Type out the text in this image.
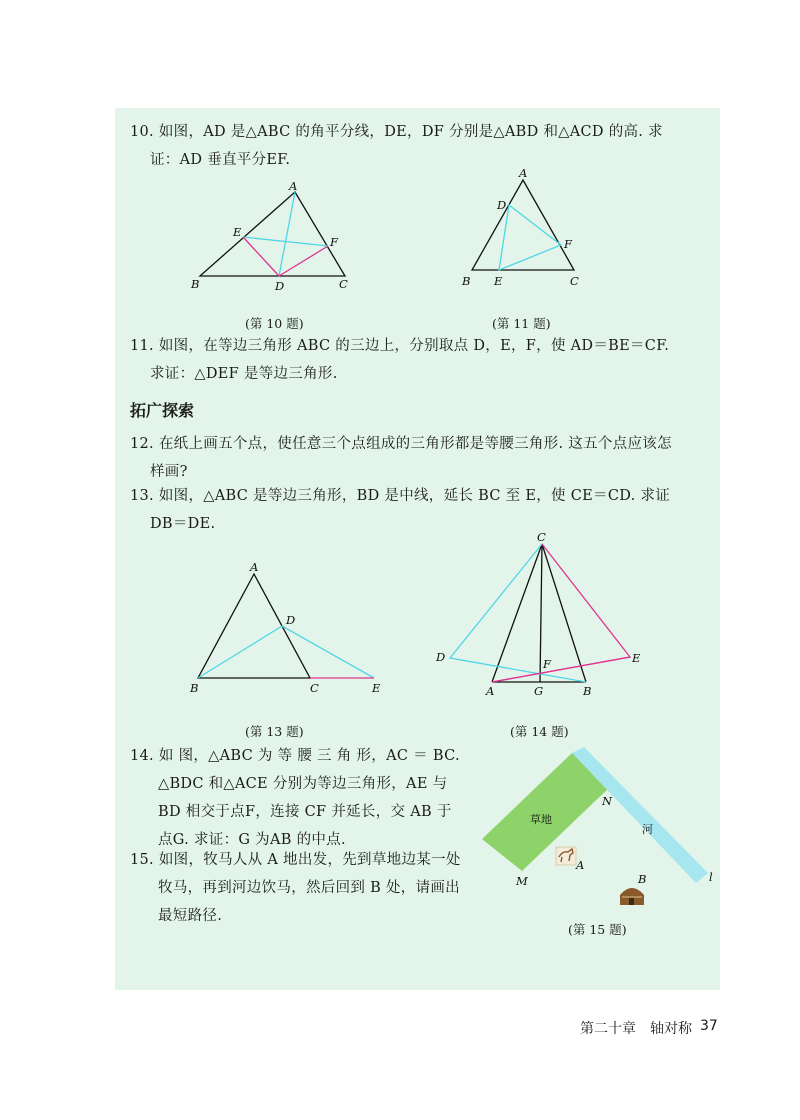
10. 如图，AD 是△ABC 的角平分线，DE，DF 分别是△ABD 和△ACD 的高. 求
证：AD 垂直平分EF.
A
B	C
D
E
F
(第 10 题)
A
B	C
D
E
F
(第 11 题)
11. 如图，在等边三角形 ABC 的三边上，分别取点 D，E，F，使 AD＝BE＝CF.
求证：△DEF 是等边三角形.
拓广探索
12. 在纸上画五个点，使任意三个点组成的三角形都是等腰三角形. 这五个点应该怎
样画?
13. 如图，△ABC 是等边三角形，BD 是中线，延长 BC 至 E，使 CE＝CD. 求证
DB＝DE.
A
B	C
D
E
(第 13 题)
C
D	E
F
A	G	B
(第 14 题)
14. 如 图，△ABC 为 等 腰 三 角 形，AC ＝ BC.
△BDC 和△ACE 分别为等边三角形，AE 与
BD 相交于点F，连接 CF 并延长，交 AB 于
点G. 求证：G 为AB 的中点.
15. 如图，牧马人从 A 地出发，先到草地边某一处
牧马，再到河边饮马，然后回到 B 处，请画出
最短路径.
草地
河
N
M
A
B	l
(第 15 题)
第二十章　轴对称 37
